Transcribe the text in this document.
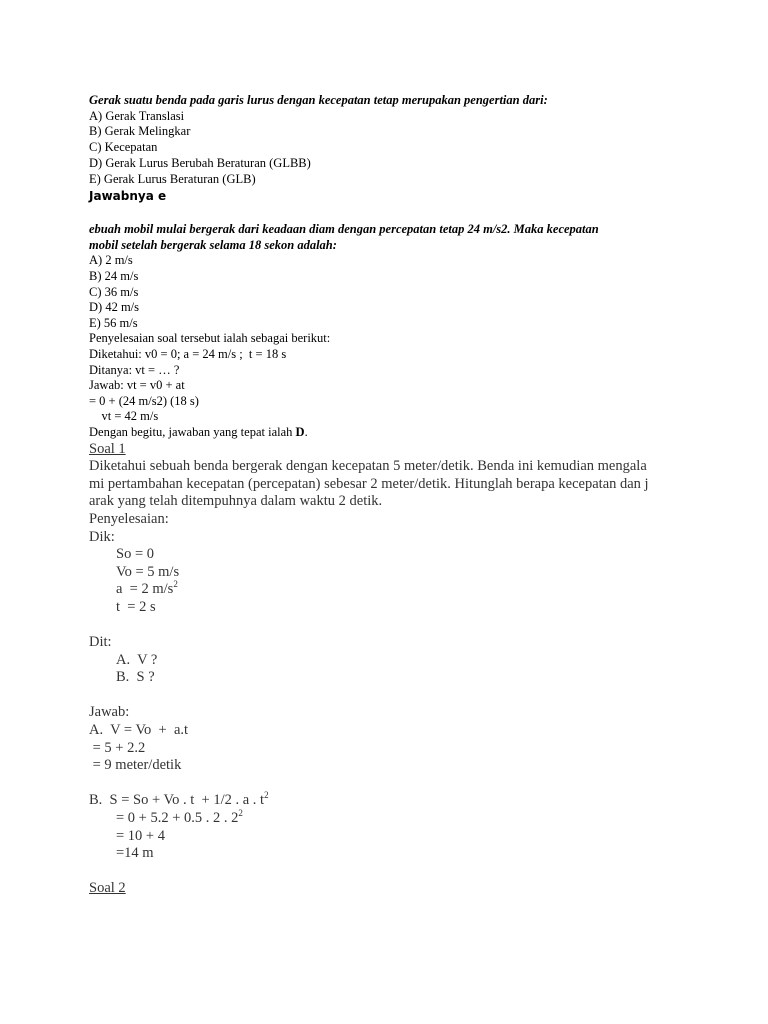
Gerak suatu benda pada garis lurus dengan kecepatan tetap merupakan pengertian dari:
A) Gerak Translasi
B) Gerak Melingkar
C) Kecepatan
D) Gerak Lurus Berubah Beraturan (GLBB)
E) Gerak Lurus Beraturan (GLB)
Jawabnya e
ebuah mobil mulai bergerak dari keadaan diam dengan percepatan tetap 24 m/s2. Maka kecepatan
mobil setelah bergerak selama 18 sekon adalah:
A) 2 m/s
B) 24 m/s
C) 36 m/s
D) 42 m/s
E) 56 m/s
Penyelesaian soal tersebut ialah sebagai berikut:
Diketahui: v0 = 0; a = 24 m/s ;  t = 18 s
Ditanya: vt = … ?
Jawab: vt = v0 + at
= 0 + (24 m/s2) (18 s)
vt = 42 m/s
Dengan begitu, jawaban yang tepat ialah D.
Soal 1
Diketahui sebuah benda bergerak dengan kecepatan 5 meter/detik. Benda ini kemudian mengala
mi pertambahan kecepatan (percepatan) sebesar 2 meter/detik. Hitunglah berapa kecepatan dan j
arak yang telah ditempuhnya dalam waktu 2 detik.
Penyelesaian:
Dik:
So = 0
Vo = 5 m/s
a  = 2 $m/s^2$
t  = 2 s
Dit:
A.  V ?
B.  S ?
Jawab:
A.  V = Vo  +  a.t
= 5 + 2.2
= 9 meter/detik
B.  S = So + Vo . t  + 1/2 . a . $t^2$
= 0 + 5.2 + 0.5 . 2 . $2^2$
= 10 + 4
=14 m
Soal 2
